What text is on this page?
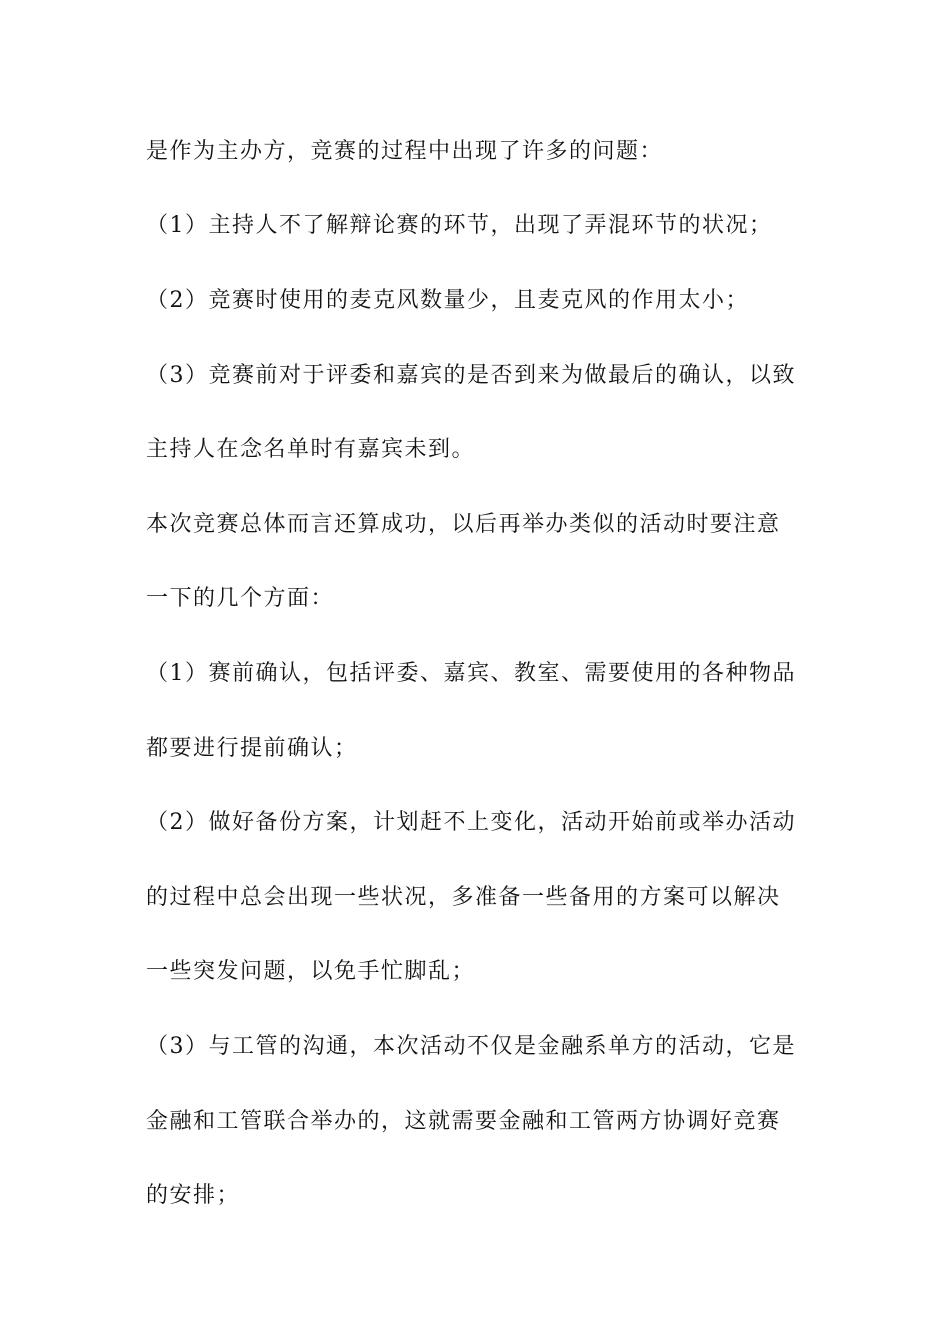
是作为主办方，竞赛的过程中出现了许多的问题：
（1）主持人不了解辩论赛的环节，出现了弄混环节的状况；
（2）竞赛时使用的麦克风数量少，且麦克风的作用太小；
（3）竞赛前对于评委和嘉宾的是否到来为做最后的确认，以致
主持人在念名单时有嘉宾未到。
本次竞赛总体而言还算成功，以后再举办类似的活动时要注意
一下的几个方面：
（1）赛前确认，包括评委、嘉宾、教室、需要使用的各种物品
都要进行提前确认；
（2）做好备份方案，计划赶不上变化，活动开始前或举办活动
的过程中总会出现一些状况，多准备一些备用的方案可以解决
一些突发问题，以免手忙脚乱；
（3）与工管的沟通，本次活动不仅是金融系单方的活动，它是
金融和工管联合举办的，这就需要金融和工管两方协调好竞赛
的安排；
